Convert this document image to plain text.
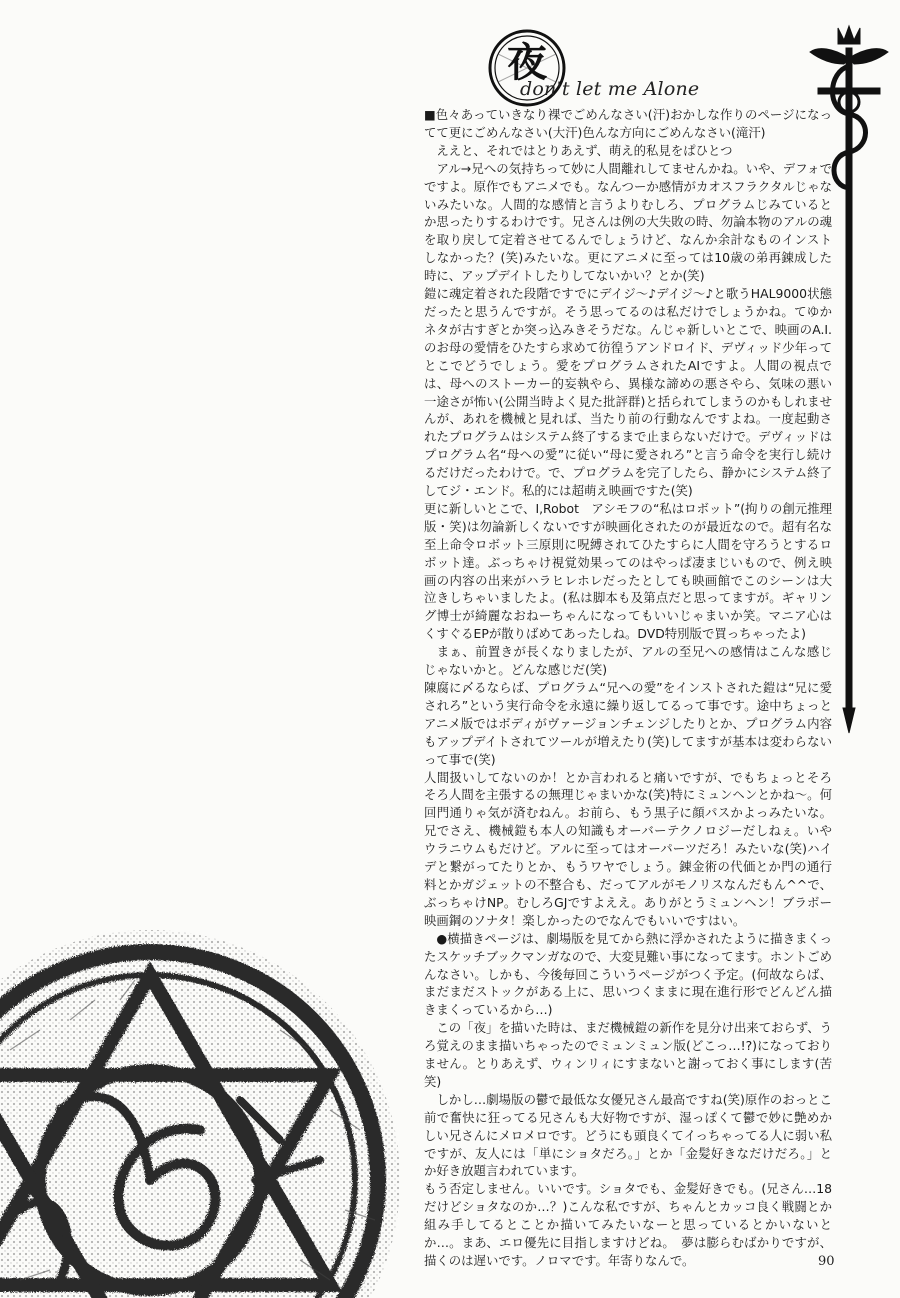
夜
don't let me Alone

■色々あっていきなり裸でごめんなさい(汗)おかしな作りのページになってて更にごめんなさい(大汗)色んな方向にごめんなさい(滝汗)

　ええと、それではとりあえず、萌え的私見をぱひとつ

　アル→兄への気持ちって妙に人間離れしてませんかね。いや、デフォでですよ。原作でもアニメでも。なんつーか感情がカオスフラクタルじゃないみたいな。人間的な感情と言うよりむしろ、プログラムじみているとか思ったりするわけです。兄さんは例の大失敗の時、勿論本物のアルの魂を取り戻して定着させてるんでしょうけど、なんか余計なものインストしなかった？(笑)みたいな。更にアニメに至っては10歳の弟再錬成した時に、アップデイトしたりしてないかい？とか(笑)

鎧に魂定着された段階ですでにデイジ～♪デイジ～♪と歌うHAL9000状態だったと思うんですが。そう思ってるのは私だけでしょうかね。てゆかネタが古すぎとか突っ込みきそうだな。んじゃ新しいとこで、映画のA.I.のお母の愛情をひたすら求めて彷徨うアンドロイド、デヴィッド少年ってとこでどうでしょう。愛をプログラムされたAIですよ。人間の視点では、母へのストーカー的妄執やら、異様な諦めの悪さやら、気味の悪い一途さが怖い(公開当時よく見た批評群)と括られてしまうのかもしれませんが、あれを機械と見れば、当たり前の行動なんですよね。一度起動されたプログラムはシステム終了するまで止まらないだけで。デヴィッドはプログラム名“母への愛”に従い“母に愛されろ”と言う命令を実行し続けるだけだったわけで。で、プログラムを完了したら、静かにシステム終了してジ・エンド。私的には超萌え映画ですた(笑)

更に新しいとこで、I,Robot　アシモフの“私はロボット”(拘りの創元推理版・笑)は勿論新しくないですが映画化されたのが最近なので。超有名な至上命令ロボット三原則に呪縛されてひたすらに人間を守ろうとするロボット達。ぶっちゃけ視覚効果ってのはやっぱ凄まじいもので、例え映画の内容の出来がハラヒレホレだったとしても映画館でこのシーンは大泣きしちゃいましたよ。(私は脚本も及第点だと思ってますが。ギャリング博士が綺麗なおねーちゃんになってもいいじゃまいか笑。マニア心はくすぐるEPが散りばめてあったしね。DVD特別版で買っちゃったよ)

　まぁ、前置きが長くなりましたが、アルの至兄への感情はこんな感じじゃないかと。どんな感じだ(笑)

陳腐に〆るならば、プログラム“兄への愛”をインストされた鎧は“兄に愛されろ”という実行命令を永遠に繰り返してるって事です。途中ちょっとアニメ版ではボディがヴァージョンチェンジしたりとか、プログラム内容もアップデイトされてツールが増えたり(笑)してますが基本は変わらないって事で(笑)

人間扱いしてないのか！とか言われると痛いですが、でもちょっとそろそろ人間を主張するの無理じゃまいかな(笑)特にミュンヘンとかね～。何回門通りゃ気が済むねん。お前ら、もう黒子に顔パスかよっみたいな。兄でさえ、機械鎧も本人の知識もオーバーテクノロジーだしねぇ。いやウラニウムもだけど。アルに至ってはオーパーツだろ！みたいな(笑)ハイデと繋がってたりとか、もうワヤでしょう。錬金術の代価とか門の通行料とかガジェットの不整合も、だってアルがモノリスなんだもん^^で、ぶっちゃけNP。むしろGJですよええ。ありがとうミュンヘン！ブラボー映画鋼のソナタ！楽しかったのでなんでもいいですはい。

　●横描きページは、劇場版を見てから熱に浮かされたように描きまくったスケッチブックマンガなので、大変見難い事になってます。ホントごめんなさい。しかも、今後毎回こういうページがつく予定。(何故ならば、まだまだストックがある上に、思いつくままに現在進行形でどんどん描きまくっているから…)

　この「夜」を描いた時は、まだ機械鎧の新作を見分け出来ておらず、うろ覚えのまま描いちゃったのでミュンミュン版(どこっ…!?)になっておりません。とりあえず、ウィンリィにすまないと謝っておく事にします(苦笑)

　しかし…劇場版の鬱で最低な女優兄さん最高ですね(笑)原作のおっとこ前で奮快に狂ってる兄さんも大好物ですが、湿っぽくて鬱で妙に艶めかしい兄さんにメロメロです。どうにも頭良くてイっちゃってる人に弱い私ですが、友人には「単にショタだろ。」とか「金髪好きなだけだろ。」とか好き放題言われています。

もう否定しません。いいです。ショタでも、金髪好きでも。(兄さん…18だけどショタなのか…？)こんな私ですが、ちゃんとカッコ良く戦闘とか組み手してるとことか描いてみたいなーと思っているとかいないとか…。まあ、エロ優先に目指しますけどね。　夢は膨らむばかりですが、描くのは遅いです。ノロマです。年寄りなんで。	90
